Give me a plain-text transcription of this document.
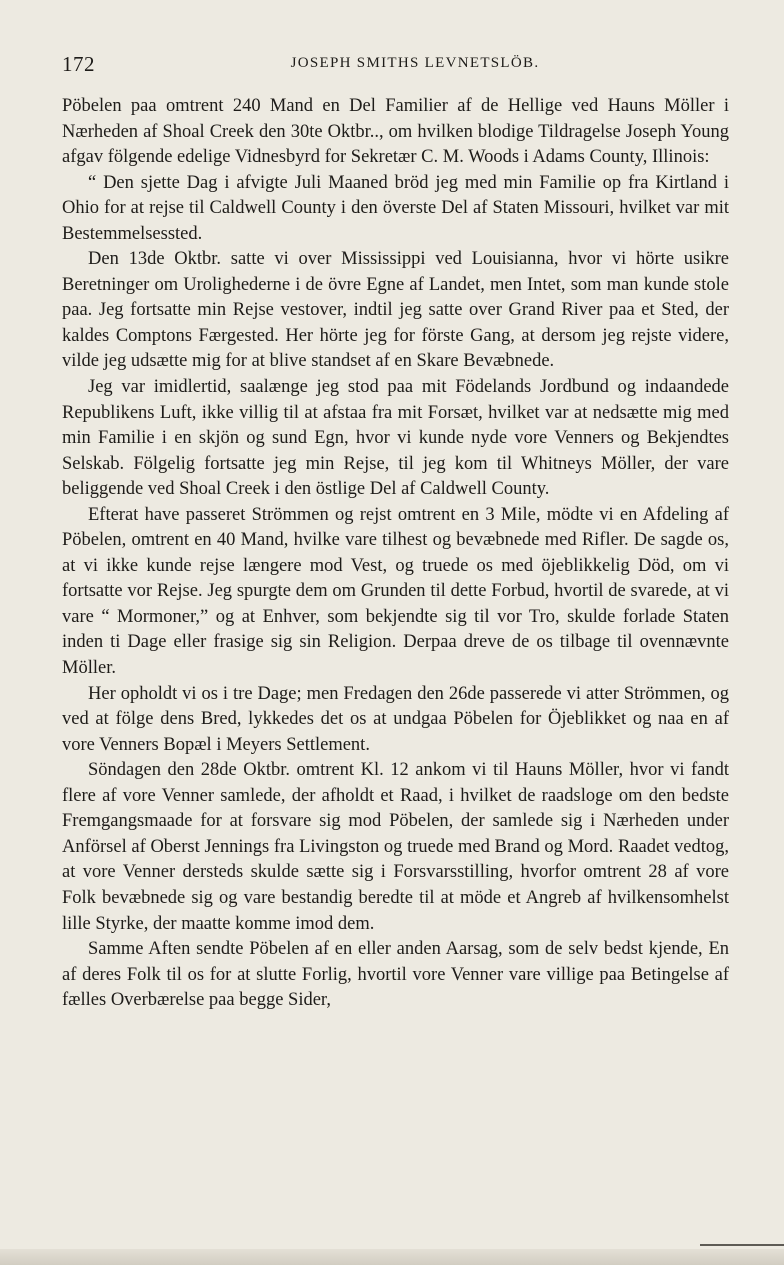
172	JOSEPH SMITHS LEVNETSLÖB.

Pöbelen paa omtrent 240 Mand en Del Familier af de Hellige ved Hauns Möller i Nærheden af Shoal Creek den 30te Oktbr.., om hvilken blodige Tildragelse Joseph Young afgav fölgende edelige Vidnesbyrd for Sekretær C. M. Woods i Adams County, Illinois:

“ Den sjette Dag i afvigte Juli Maaned bröd jeg med min Familie op fra Kirtland i Ohio for at rejse til Caldwell County i den överste Del af Staten Missouri, hvilket var mit Bestemmelsessted.

Den 13de Oktbr. satte vi over Mississippi ved Louisianna, hvor vi hörte usikre Beretninger om Urolighederne i de övre Egne af Landet, men Intet, som man kunde stole paa. Jeg fortsatte min Rejse vestover, indtil jeg satte over Grand River paa et Sted, der kaldes Comptons Færgested. Her hörte jeg for förste Gang, at dersom jeg rejste videre, vilde jeg udsætte mig for at blive standset af en Skare Bevæbnede.

Jeg var imidlertid, saalænge jeg stod paa mit Födelands Jordbund og indaandede Republikens Luft, ikke villig til at afstaa fra mit Forsæt, hvilket var at nedsætte mig med min Familie i en skjön og sund Egn, hvor vi kunde nyde vore Venners og Bekjendtes Selskab. Fölgelig fortsatte jeg min Rejse, til jeg kom til Whitneys Möller, der vare beliggende ved Shoal Creek i den östlige Del af Caldwell County.

Efterat have passeret Strömmen og rejst omtrent en 3 Mile, mödte vi en Afdeling af Pöbelen, omtrent en 40 Mand, hvilke vare tilhest og bevæbnede med Rifler. De sagde os, at vi ikke kunde rejse længere mod Vest, og truede os med öjeblikkelig Död, om vi fortsatte vor Rejse. Jeg spurgte dem om Grunden til dette Forbud, hvortil de svarede, at vi vare “ Mormoner,” og at Enhver, som bekjendte sig til vor Tro, skulde forlade Staten inden ti Dage eller frasige sig sin Religion. Derpaa dreve de os tilbage til ovennævnte Möller.

Her opholdt vi os i tre Dage; men Fredagen den 26de passerede vi atter Strömmen, og ved at fölge dens Bred, lykkedes det os at undgaa Pöbelen for Öjeblikket og naa en af vore Venners Bopæl i Meyers Settlement.

Söndagen den 28de Oktbr. omtrent Kl. 12 ankom vi til Hauns Möller, hvor vi fandt flere af vore Venner samlede, der afholdt et Raad, i hvilket de raadsloge om den bedste Fremgangsmaade for at forsvare sig mod Pöbelen, der samlede sig i Nærheden under Anförsel af Oberst Jennings fra Livingston og truede med Brand og Mord. Raadet vedtog, at vore Venner dersteds skulde sætte sig i Forsvarsstilling, hvorfor omtrent 28 af vore Folk bevæbnede sig og vare bestandig beredte til at möde et Angreb af hvilkensomhelst lille Styrke, der maatte komme imod dem.

Samme Aften sendte Pöbelen af en eller anden Aarsag, som de selv bedst kjende, En af deres Folk til os for at slutte Forlig, hvortil vore Venner vare villige paa Betingelse af fælles Overbærelse paa begge Sider,
